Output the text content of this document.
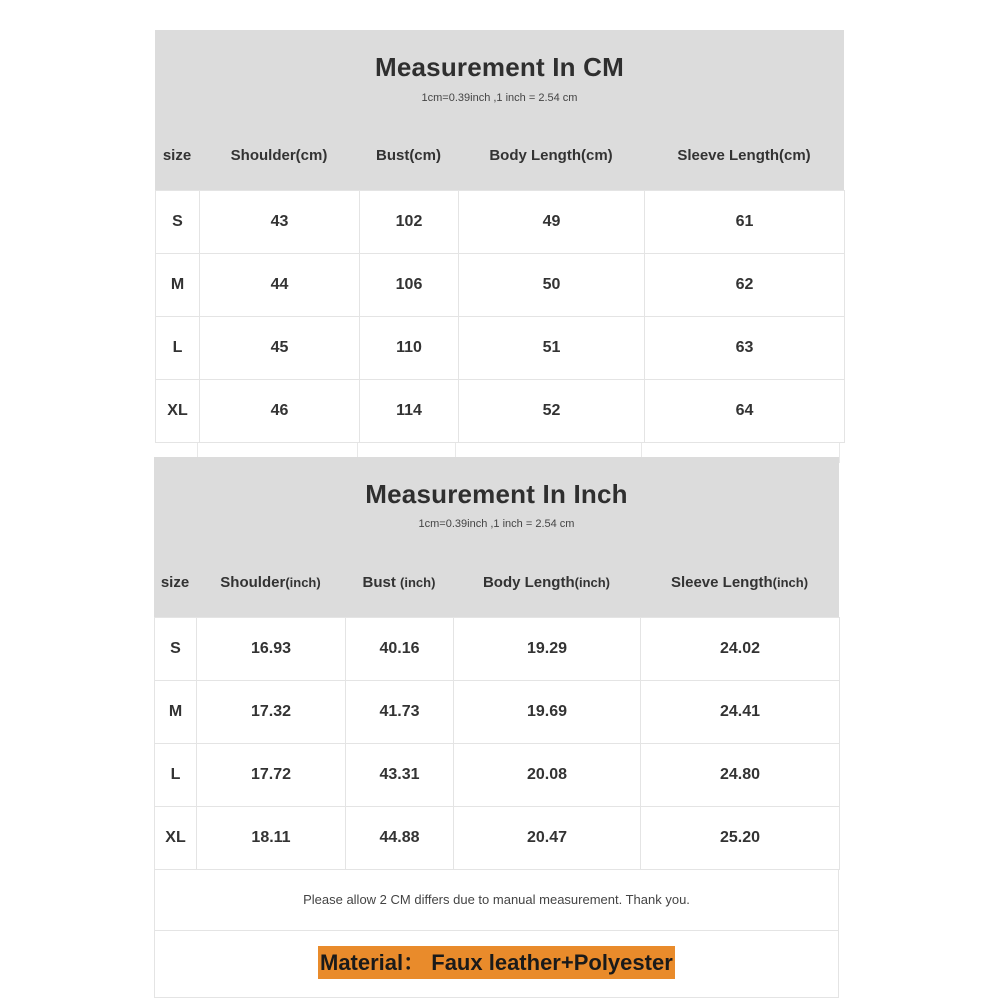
Measurement In CM
1cm=0.39inch ,1 inch = 2.54 cm
size	Shoulder(cm)	Bust(cm)	Body Length(cm)	Sleeve Length(cm)
S	43	102	49	61
M	44	106	50	62
L	45	110	51	63
XL	46	114	52	64
Measurement In Inch
1cm=0.39inch ,1 inch = 2.54 cm
size	Shoulder(inch)	Bust (inch)	Body Length(inch)	Sleeve Length(inch)
S	16.93	40.16	19.29	24.02
M	17.32	41.73	19.69	24.41
L	17.72	43.31	20.08	24.80
XL	18.11	44.88	20.47	25.20
Please allow 2 CM differs due to manual measurement. Thank you.
Material： Faux leather+Polyester
